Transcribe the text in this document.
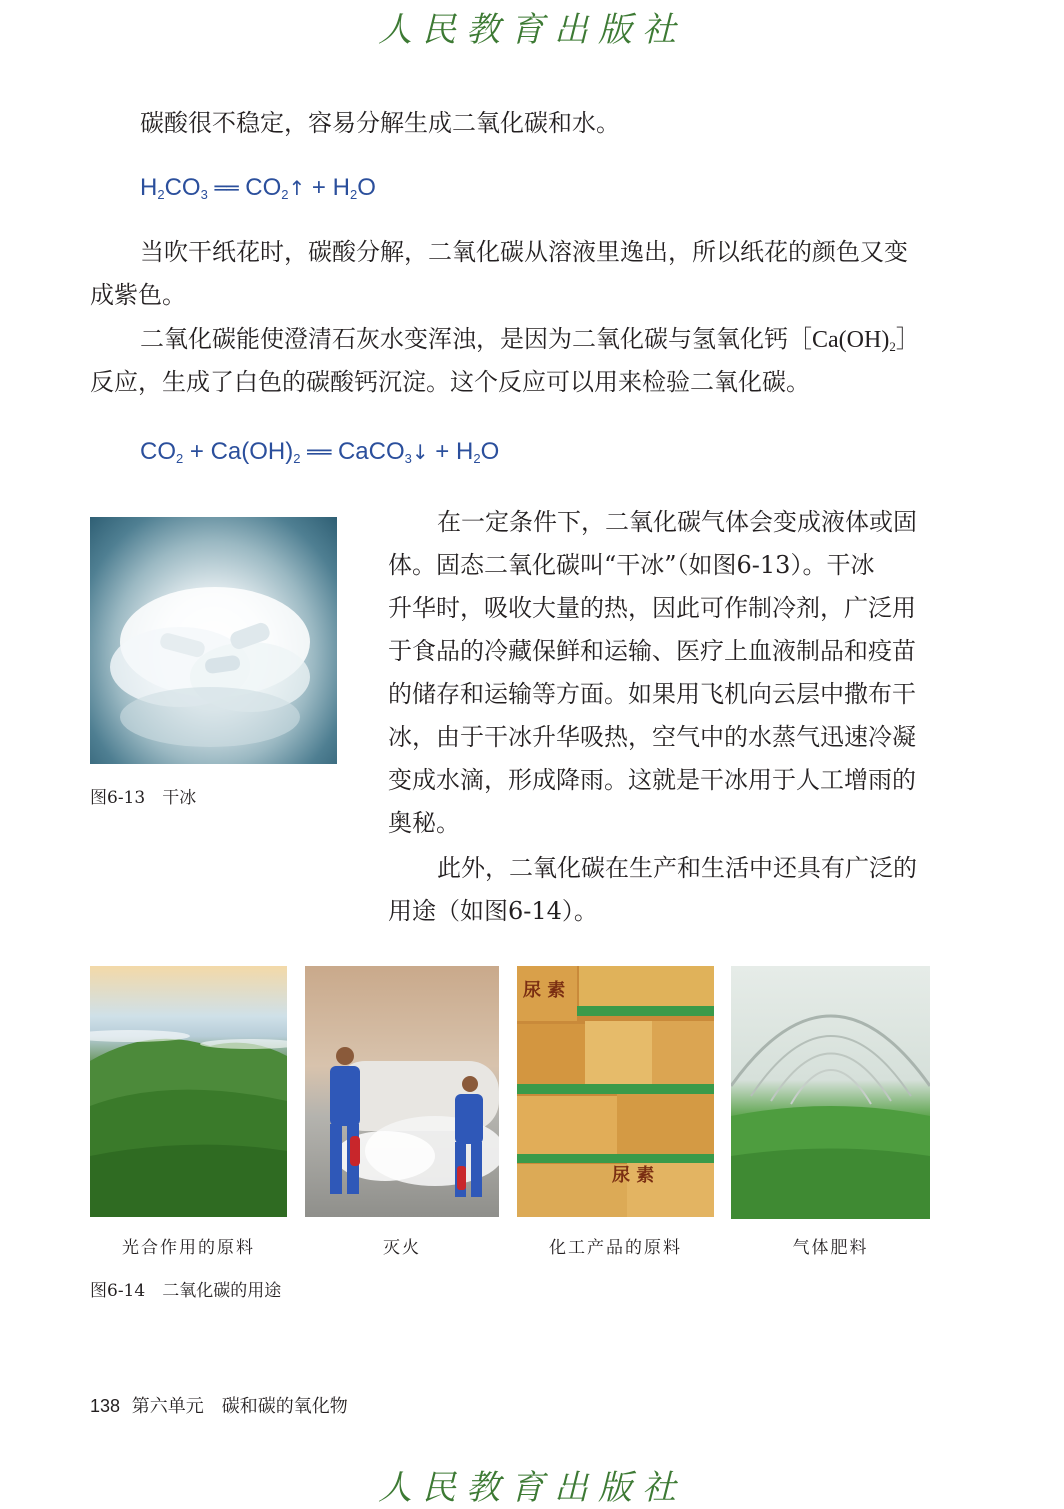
人民教育出版社
碳酸很不稳定，容易分解生成二氧化碳和水。
$H_2CO_3$ ══ $CO_2↑ + H_2O$
当吹干纸花时，碳酸分解，二氧化碳从溶液里逸出，所以纸花的颜色又变
成紫色。
二氧化碳能使澄清石灰水变浑浊，是因为二氧化碳与氢氧化钙$[Ca(OH)_2]$
反应，生成了白色的碳酸钙沉淀。这个反应可以用来检验二氧化碳。
$CO_2 + Ca(OH)_2$ ══ CaCO$_3$↓ + $H_2O$
图6-13　干冰
在一定条件下，二氧化碳气体会变成液体或固
体。固态二氧化碳叫“干冰”（如图6-13）。干冰
升华时，吸收大量的热，因此可作制冷剂，广泛用
于食品的冷藏保鲜和运输、医疗上血液制品和疫苗
的储存和运输等方面。如果用飞机向云层中撒布干
冰，由于干冰升华吸热，空气中的水蒸气迅速冷凝
变成水滴，形成降雨。这就是干冰用于人工增雨的
奥秘。
此外，二氧化碳在生产和生活中还具有广泛的
用途（如图6-14）。
尿 素
尿 素
光合作用的原料	灭火	化工产品的原料	气体肥料
图6-14　二氧化碳的用途
138 第六单元　碳和碳的氧化物
人民教育出版社
